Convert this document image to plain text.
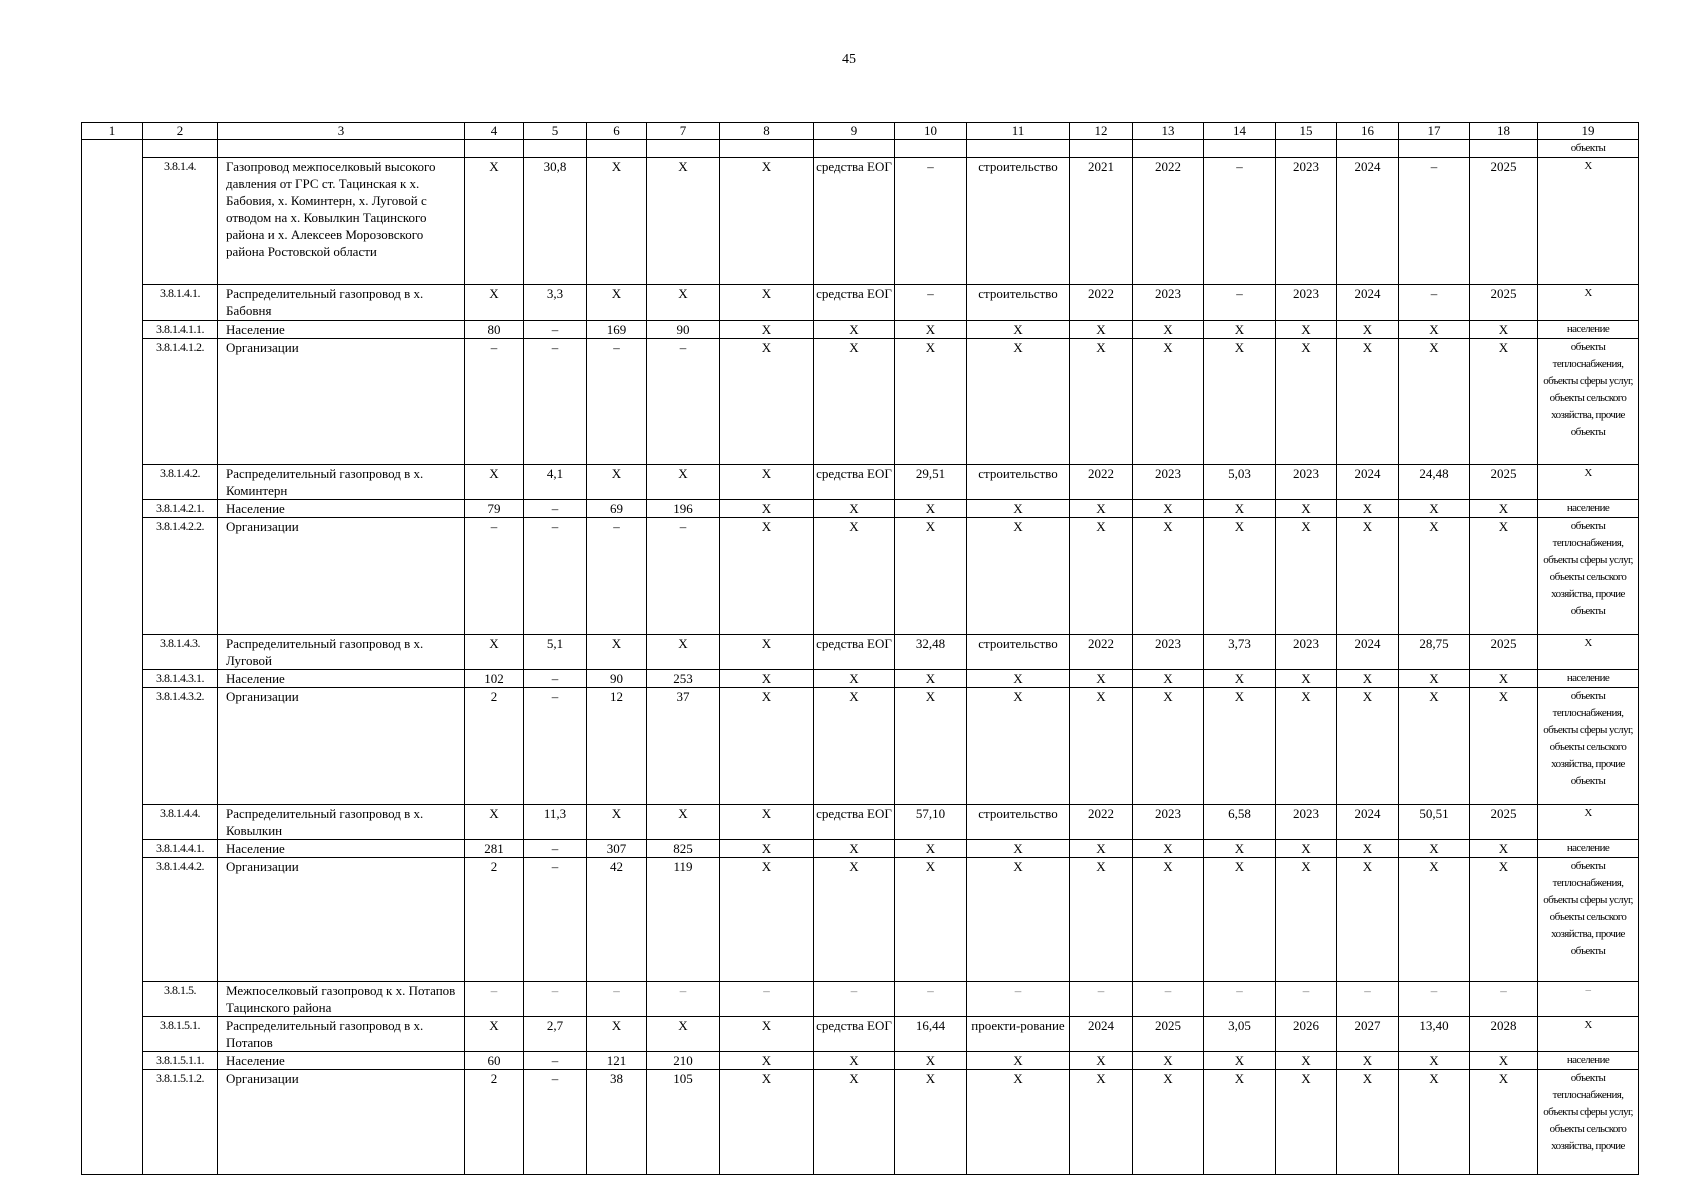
45
1	2	3	4	5	6	7	8	9	10	11	12	13	14	15	16	17	18	19
																		объекты
	3.8.1.4.	Газопровод межпоселковый высокого давления от ГРС ст. Тацинская к х. Бабовия, х. Коминтерн, х. Луговой с отводом на х. Ковылкин Тацинского района и х. Алексеев Морозовского района Ростовской области	Х	30,8	Х	Х	Х	средства ЕОГ	–	строительство	2021	2022	–	2023	2024	–	2025	Х
	3.8.1.4.1.	Распределительный газопровод в х. Бабовня	Х	3,3	Х	Х	Х	средства ЕОГ	–	строительство	2022	2023	–	2023	2024	–	2025	Х
	3.8.1.4.1.1.	Население	80	–	169	90	Х	Х	Х	Х	Х	Х	Х	Х	Х	Х	Х	население
	3.8.1.4.1.2.	Организации	–	–	–	–	Х	Х	Х	Х	Х	Х	Х	Х	Х	Х	Х	объекты теплоснабжения, объекты сферы услуг, объекты сельского хозяйства, прочие объекты
	3.8.1.4.2.	Распределительный газопровод в х. Коминтерн	Х	4,1	Х	Х	Х	средства ЕОГ	29,51	строительство	2022	2023	5,03	2023	2024	24,48	2025	Х
	3.8.1.4.2.1.	Население	79	–	69	196	Х	Х	Х	Х	Х	Х	Х	Х	Х	Х	Х	население
	3.8.1.4.2.2.	Организации	–	–	–	–	Х	Х	Х	Х	Х	Х	Х	Х	Х	Х	Х	объекты теплоснабжения, объекты сферы услуг, объекты сельского хозяйства, прочие объекты
	3.8.1.4.3.	Распределительный газопровод в х. Луговой	Х	5,1	Х	Х	Х	средства ЕОГ	32,48	строительство	2022	2023	3,73	2023	2024	28,75	2025	Х
	3.8.1.4.3.1.	Население	102	–	90	253	Х	Х	Х	Х	Х	Х	Х	Х	Х	Х	Х	население
	3.8.1.4.3.2.	Организации	2	–	12	37	Х	Х	Х	Х	Х	Х	Х	Х	Х	Х	Х	объекты теплоснабжения, объекты сферы услуг, объекты сельского хозяйства, прочие объекты
	3.8.1.4.4.	Распределительный газопровод в х. Ковылкин	Х	11,3	Х	Х	Х	средства ЕОГ	57,10	строительство	2022	2023	6,58	2023	2024	50,51	2025	Х
	3.8.1.4.4.1.	Население	281	–	307	825	Х	Х	Х	Х	Х	Х	Х	Х	Х	Х	Х	население
	3.8.1.4.4.2.	Организации	2	–	42	119	Х	Х	Х	Х	Х	Х	Х	Х	Х	Х	Х	объекты теплоснабжения, объекты сферы услуг, объекты сельского хозяйства, прочие объекты
	3.8.1.5.	Межпоселковый газопровод к х. Потапов Тацинского района	–	–	–	–	–	–	–	–	–	–	–	–	–	–	–	–
	3.8.1.5.1.	Распределительный газопровод в х. Потапов	Х	2,7	Х	Х	Х	средства ЕОГ	16,44	проекти-рование	2024	2025	3,05	2026	2027	13,40	2028	Х
	3.8.1.5.1.1.	Население	60	–	121	210	Х	Х	Х	Х	Х	Х	Х	Х	Х	Х	Х	население
	3.8.1.5.1.2.	Организации	2	–	38	105	Х	Х	Х	Х	Х	Х	Х	Х	Х	Х	Х	объекты теплоснабжения, объекты сферы услуг, объекты сельского хозяйства, прочие
